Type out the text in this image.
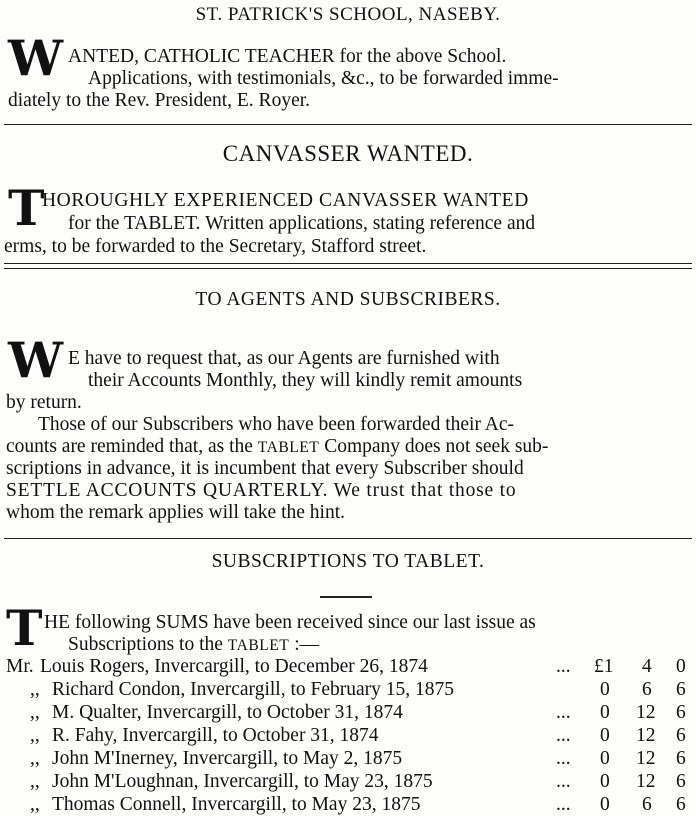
ST. PATRICK'S SCHOOL, NASEBY.
W ANTED, CATHOLIC TEACHER for the above School.
Applications, with testimonials, &c., to be forwarded imme-
diately to the Rev. President, E. Royer.
CANVASSER WANTED.
T
HOROUGHLY EXPERIENCED CANVASSER WANTED
for the TABLET. Written applications, stating reference and
erms, to be forwarded to the Secretary, Stafford street.
TO AGENTS AND SUBSCRIBERS.
W E have to request that, as our Agents are furnished with
their Accounts Monthly, they will kindly remit amounts
by return.
Those of our Subscribers who have been forwarded their Ac-
counts are reminded that, as the TABLET Company does not seek sub-
scriptions in advance, it is incumbent that every Subscriber should
SETTLE ACCOUNTS QUARTERLY. We trust that those to
whom the remark applies will take the hint.
SUBSCRIPTIONS TO TABLET.
T HE following SUMS have been received since our last issue as
Subscriptions to the TABLET :—
Mr. Louis Rogers, Invercargill, to December 26, 1874	... £1 4 0
,, Richard Condon, Invercargill, to February 15, 1875	0 6 6
,, M. Qualter, Invercargill, to October 31, 1874	... 0 12 6
,, R. Fahy, Invercargill, to October 31, 1874	... 0 12 6
,, John M'Inerney, Invercargill, to May 2, 1875	... 0 12 6
,, John M'Loughnan, Invercargill, to May 23, 1875	... 0 12 6
,, Thomas Connell, Invercargill, to May 23, 1875	... 0 6 6
